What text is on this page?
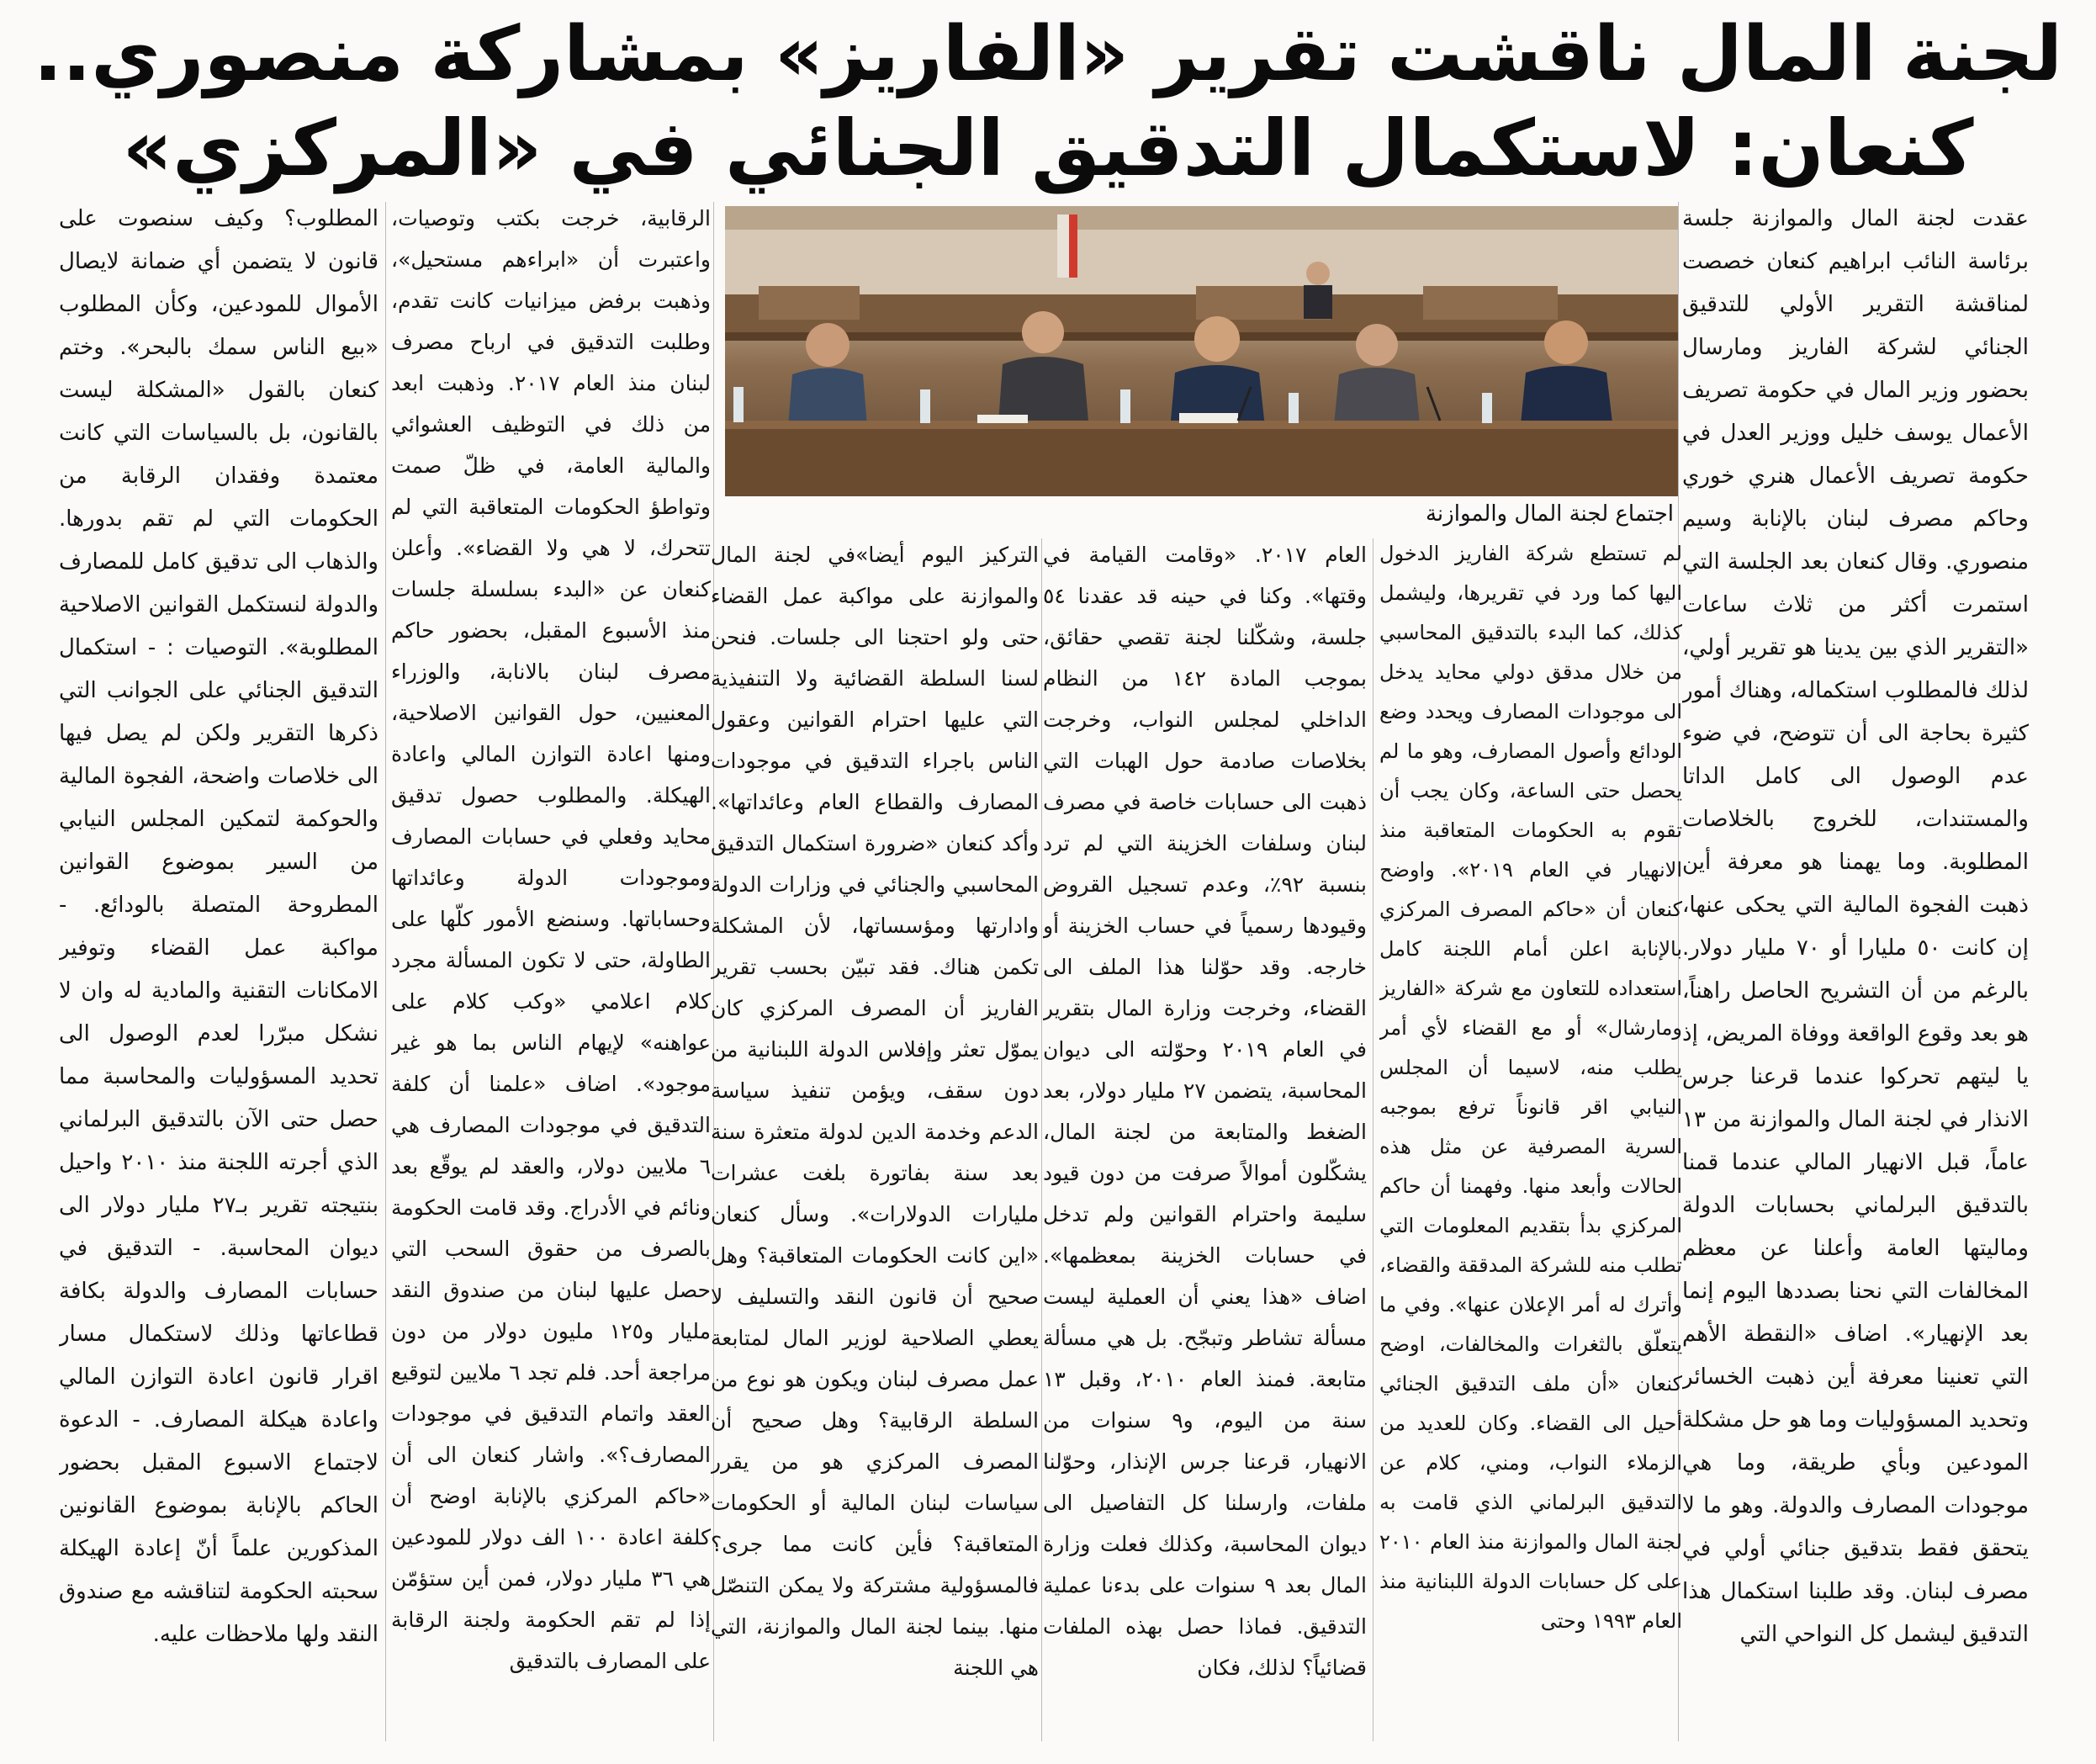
لجنة المال ناقشت تقرير «الفاريز» بمشاركة منصوري..
كنعان: لاستكمال التدقيق الجنائي في «المركزي»
اجتماع لجنة المال والموازنة

عقدت لجنة المال والموازنة جلسة برئاسة النائب ابراهيم كنعان خصصت لمناقشة التقرير الأولي للتدقيق الجنائي لشركة الفاريز ومارسال بحضور وزير المال في حكومة تصريف الأعمال يوسف خليل ووزير العدل في حكومة تصريف الأعمال هنري خوري وحاكم مصرف لبنان بالإنابة وسيم منصوري. وقال كنعان بعد الجلسة التي استمرت أكثر من ثلاث ساعات «التقرير الذي بين يدينا هو تقرير أولي، لذلك فالمطلوب استكماله، وهناك أمور كثيرة بحاجة الى أن تتوضح، في ضوء عدم الوصول الى كامل الداتا والمستندات، للخروج بالخلاصات المطلوبة. وما يهمنا هو معرفة أين ذهبت الفجوة المالية التي يحكى عنها، إن كانت ٥٠ مليارا أو ٧٠ مليار دولار. بالرغم من أن التشريح الحاصل راهناً، هو بعد وقوع الواقعة ووفاة المريض، إذ يا ليتهم تحركوا عندما قرعنا جرس الانذار في لجنة المال والموازنة من ١٣ عاماً، قبل الانهيار المالي عندما قمنا بالتدقيق البرلماني بحسابات الدولة وماليتها العامة وأعلنا عن معظم المخالفات التي نحنا بصددها اليوم إنما بعد الإنهيار». اضاف «النقطة الأهم التي تعنينا معرفة أين ذهبت الخسائر وتحديد المسؤوليات وما هو حل مشكلة المودعين وبأي طريقة، وما هي موجودات المصارف والدولة. وهو ما لا يتحقق فقط بتدقيق جنائي أولي في مصرف لبنان. وقد طلبنا استكمال هذا التدقيق ليشمل كل النواحي التي

لم تستطع شركة الفاريز الدخول اليها كما ورد في تقريرها، وليشمل كذلك، كما البدء بالتدقيق المحاسبي من خلال مدقق دولي محايد يدخل الى موجودات المصارف ويحدد وضع الودائع وأصول المصارف، وهو ما لم يحصل حتى الساعة، وكان يجب أن تقوم به الحكومات المتعاقبة منذ الانهيار في العام ٢٠١٩». واوضح كنعان أن «حاكم المصرف المركزي بالإنابة اعلن أمام اللجنة كامل استعداده للتعاون مع شركة «الفاريز ومارشال» أو مع القضاء لأي أمر يطلب منه، لاسيما أن المجلس النيابي اقر قانوناً ترفع بموجبه السرية المصرفية عن مثل هذه الحالات وأبعد منها. وفهمنا أن حاكم المركزي بدأ بتقديم المعلومات التي تطلب منه للشركة المدققة والقضاء، وأترك له أمر الإعلان عنها». وفي ما يتعلّق بالثغرات والمخالفات، اوضح كنعان «أن ملف التدقيق الجنائي أحيل الى القضاء. وكان للعديد من الزملاء النواب، ومني، كلام عن التدقيق البرلماني الذي قامت به لجنة المال والموازنة منذ العام ٢٠١٠ على كل حسابات الدولة اللبنانية منذ العام ١٩٩٣ وحتى

العام ٢٠١٧. «وقامت القيامة في وقتها». وكنا في حينه قد عقدنا ٥٤ جلسة، وشكّلنا لجنة تقصي حقائق، بموجب المادة ١٤٢ من النظام الداخلي لمجلس النواب، وخرجت بخلاصات صادمة حول الهبات التي ذهبت الى حسابات خاصة في مصرف لبنان وسلفات الخزينة التي لم ترد بنسبة ٩٢٪، وعدم تسجيل القروض وقيودها رسمياً في حساب الخزينة أو خارجه. وقد حوّلنا هذا الملف الى القضاء، وخرجت وزارة المال بتقرير في العام ٢٠١٩ وحوّلته الى ديوان المحاسبة، يتضمن ٢٧ مليار دولار، بعد الضغط والمتابعة من لجنة المال، يشكّلون أموالاً صرفت من دون قيود سليمة واحترام القوانين ولم تدخل في حسابات الخزينة بمعظمها». اضاف «هذا يعني أن العملية ليست مسألة تشاطر وتبجّح. بل هي مسألة متابعة. فمنذ العام ٢٠١٠، وقبل ١٣ سنة من اليوم، و٩ سنوات من الانهيار، قرعنا جرس الإنذار، وحوّلنا ملفات، وارسلنا كل التفاصيل الى ديوان المحاسبة، وكذلك فعلت وزارة المال بعد ٩ سنوات على بدءنا عملية التدقيق. فماذا حصل بهذه الملفات قضائياً؟ لذلك، فكان

التركيز اليوم أيضا»في لجنة المال والموازنة على مواكبة عمل القضاء حتى ولو احتجنا الى جلسات. فنحن لسنا السلطة القضائية ولا التنفيذية التي عليها احترام القوانين وعقول الناس باجراء التدقيق في موجودات المصارف والقطاع العام وعائداتها». وأكد كنعان «ضرورة استكمال التدقيق المحاسبي والجنائي في وزارات الدولة وادارتها ومؤسساتها، لأن المشكلة تكمن هناك. فقد تبيّن بحسب تقرير الفاريز أن المصرف المركزي كان يموّل تعثر وإفلاس الدولة اللبنانية من دون سقف، ويؤمن تنفيذ سياسة الدعم وخدمة الدين لدولة متعثرة سنة بعد سنة بفاتورة بلغت عشرات مليارات الدولارات». وسأل كنعان «اين كانت الحكومات المتعاقبة؟ وهل صحيح أن قانون النقد والتسليف لا يعطي الصلاحية لوزير المال لمتابعة عمل مصرف لبنان ويكون هو نوع من السلطة الرقابية؟ وهل صحيح أن المصرف المركزي هو من يقرر سياسات لبنان المالية أو الحكومات المتعاقبة؟ فأين كانت مما جرى؟ فالمسؤولية مشتركة ولا يمكن التنصّل منها. بينما لجنة المال والموازنة، التي هي اللجنة

الرقابية، خرجت بكتب وتوصيات، واعتبرت أن «ابراءهم مستحيل»، وذهبت برفض ميزانيات كانت تقدم، وطلبت التدقيق في ارباح مصرف لبنان منذ العام ٢٠١٧. وذهبت ابعد من ذلك في التوظيف العشوائي والمالية العامة، في ظلّ صمت وتواطؤ الحكومات المتعاقبة التي لم تتحرك، لا هي ولا القضاء». وأعلن كنعان عن «البدء بسلسلة جلسات منذ الأسبوع المقبل، بحضور حاكم مصرف لبنان بالانابة، والوزراء المعنيين، حول القوانين الاصلاحية، ومنها اعادة التوازن المالي واعادة الهيكلة. والمطلوب حصول تدقيق محايد وفعلي في حسابات المصارف وموجودات الدولة وعائداتها وحساباتها. وسنضع الأمور كلّها على الطاولة، حتى لا تكون المسألة مجرد كلام اعلامي «وكب كلام على عواهنه» لإيهام الناس بما هو غير موجود». اضاف «علمنا أن كلفة التدقيق في موجودات المصارف هي ٦ ملايين دولار، والعقد لم يوقّع بعد ونائم في الأدراج. وقد قامت الحكومة بالصرف من حقوق السحب التي حصل عليها لبنان من صندوق النقد مليار و١٢٥ مليون دولار من دون مراجعة أحد. فلم تجد ٦ ملايين لتوقيع العقد واتمام التدقيق في موجودات المصارف؟». واشار كنعان الى أن «حاكم المركزي بالإنابة اوضح أن كلفة اعادة ١٠٠ الف دولار للمودعين هي ٣٦ مليار دولار، فمن أين ستؤمّن إذا لم تقم الحكومة ولجنة الرقابة على المصارف بالتدقيق

المطلوب؟ وكيف سنصوت على قانون لا يتضمن أي ضمانة لايصال الأموال للمودعين، وكأن المطلوب «بيع الناس سمك بالبحر». وختم كنعان بالقول «المشكلة ليست بالقانون، بل بالسياسات التي كانت معتمدة وفقدان الرقابة من الحكومات التي لم تقم بدورها. والذهاب الى تدقيق كامل للمصارف والدولة لنستكمل القوانين الاصلاحية المطلوبة». التوصيات : - استكمال التدقيق الجنائي على الجوانب التي ذكرها التقرير ولكن لم يصل فيها الى خلاصات واضحة، الفجوة المالية والحوكمة لتمكين المجلس النيابي من السير بموضوع القوانين المطروحة المتصلة بالودائع. - مواكبة عمل القضاء وتوفير الامكانات التقنية والمادية له وان لا نشكل مبرّرا لعدم الوصول الى تحديد المسؤوليات والمحاسبة مما حصل حتى الآن بالتدقيق البرلماني الذي أجرته اللجنة منذ ٢٠١٠ واحيل بنتيجته تقرير بـ٢٧ مليار دولار الى ديوان المحاسبة. - التدقيق في حسابات المصارف والدولة بكافة قطاعاتها وذلك لاستكمال مسار اقرار قانون اعادة التوازن المالي واعادة هيكلة المصارف. - الدعوة لاجتماع الاسبوع المقبل بحضور الحاكم بالإنابة بموضوع القانونين المذكورين علماً أنّ إعادة الهيكلة سحبته الحكومة لتناقشه مع صندوق النقد ولها ملاحظات عليه.
